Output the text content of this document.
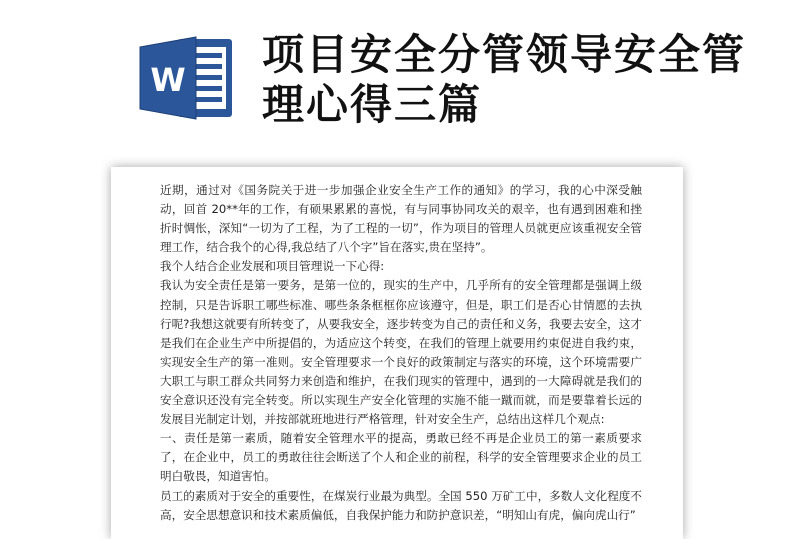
W
项目安全分管领导安全管理心得三篇

近期，通过对《国务院关于进一步加强企业安全生产工作的通知》的学习，我的心中深受触动，回首 20**年的工作，有硕果累累的喜悦，有与同事协同攻关的艰辛，也有遇到困难和挫折时惆怅，深知“一切为了工程，为了工程的一切”，作为项目的管理人员就更应该重视安全管理工作，结合我个的心得,我总结了八个字”旨在落实,贵在坚持”。

我个人结合企业发展和项目管理说一下心得:

我认为安全责任是第一要务，是第一位的，现实的生产中，几乎所有的安全管理都是强调上级控制，只是告诉职工哪些标准、哪些条条框框你应该遵守，但是，职工们是否心甘情愿的去执行呢?我想这就要有所转变了，从要我安全，逐步转变为自己的责任和义务，我要去安全，这才是我们在企业生产中所提倡的，为适应这个转变，在我们的管理上就要用约束促进自我约束，实现安全生产的第一准则。安全管理要求一个良好的政策制定与落实的环境，这个环境需要广大职工与职工群众共同努力来创造和维护，在我们现实的管理中，遇到的一大障碍就是我们的安全意识还没有完全转变。所以实现生产安全化管理的实施不能一蹴而就，而是要靠着长远的发展目光制定计划，并按部就班地进行严格管理，针对安全生产，总结出这样几个观点:

一、责任是第一素质，随着安全管理水平的提高，勇敢已经不再是企业员工的第一素质要求了，在企业中，员工的勇敢往往会断送了个人和企业的前程，科学的安全管理要求企业的员工明白敬畏，知道害怕。

员工的素质对于安全的重要性，在煤炭行业最为典型。全国 550 万矿工中，多数人文化程度不高，安全思想意识和技术素质偏低，自我保护能力和防护意识差，“明知山有虎，偏向虎山行”
